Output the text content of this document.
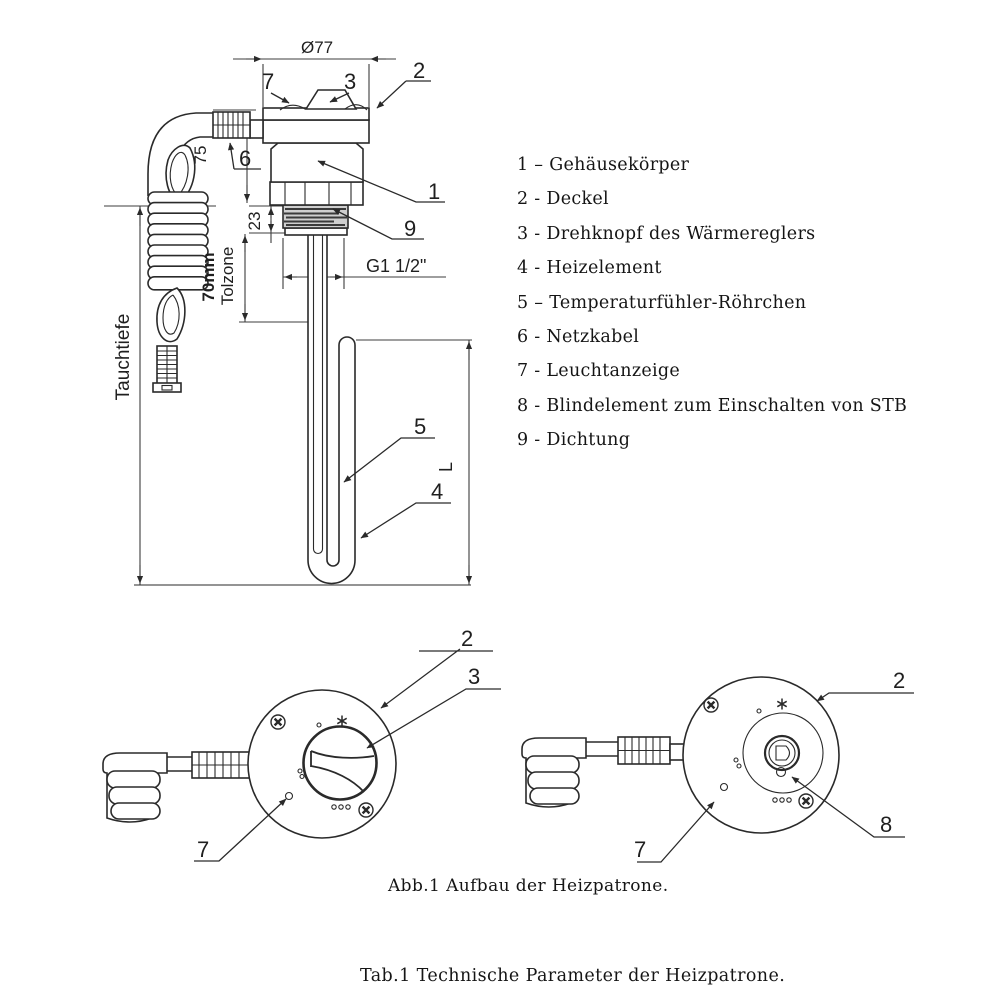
Ø77
75
23
70mm Tolzone	G1 1/2"
Tauchtiefe
L
7	3	2
6
1
9
5
4
2
3
7
2
8
7
1 – Gehäusekörper
2 - Deckel
3 - Drehknopf des Wärmereglers
4 - Heizelement
5 – Temperaturfühler-Röhrchen
6 - Netzkabel
7 - Leuchtanzeige
8 - Blindelement zum Einschalten von STB
9 - Dichtung
Abb.1 Aufbau der Heizpatrone.
Tab.1 Technische Parameter der Heizpatrone.
